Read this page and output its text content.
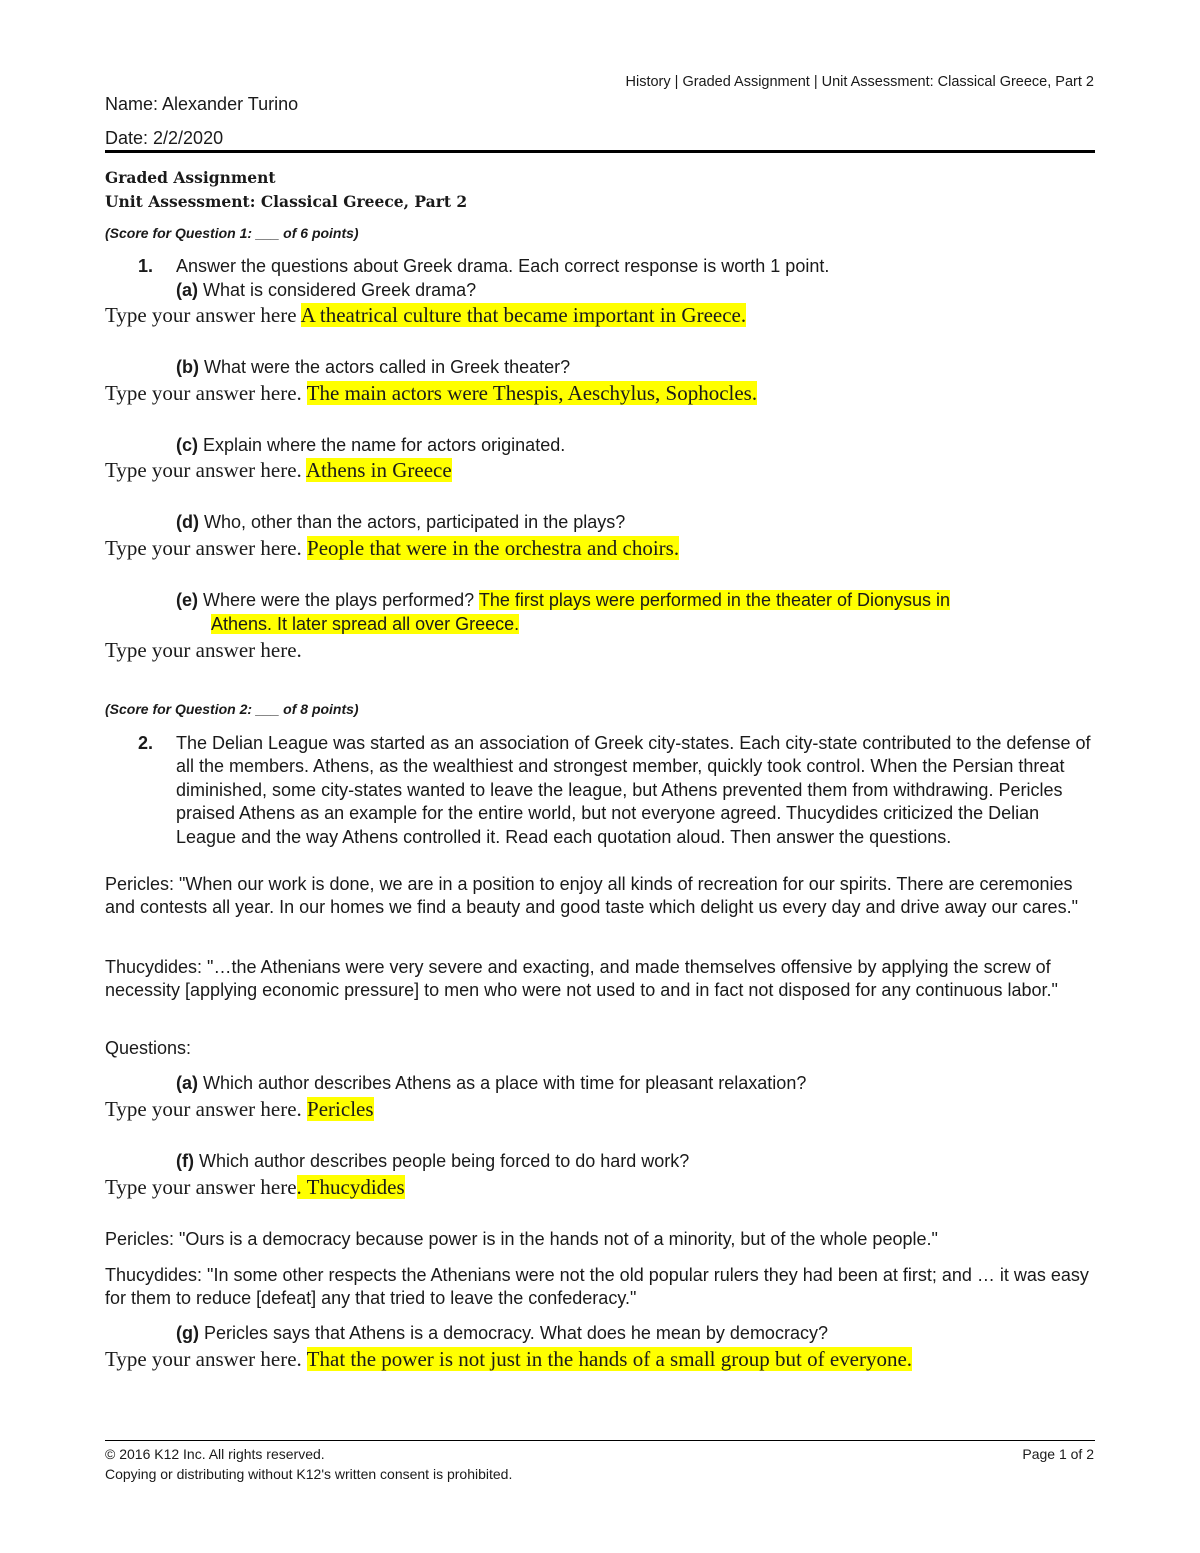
History | Graded Assignment | Unit Assessment: Classical Greece, Part 2
Name: Alexander Turino
Date: 2/2/2020
Graded Assignment
Unit Assessment: Classical Greece, Part 2
(Score for Question 1: ___ of 6 points)
1. Answer the questions about Greek drama. Each correct response is worth 1 point.
(a) What is considered Greek drama?
Type your answer here A theatrical culture that became important in Greece.
(b) What were the actors called in Greek theater?
Type your answer here. The main actors were Thespis, Aeschylus, Sophocles.
(c) Explain where the name for actors originated.
Type your answer here. Athens in Greece
(d) Who, other than the actors, participated in the plays?
Type your answer here. People that were in the orchestra and choirs.
(e) Where were the plays performed? The first plays were performed in the theater of Dionysus in
Athens. It later spread all over Greece.
Type your answer here.
(Score for Question 2: ___ of 8 points)
2. The Delian League was started as an association of Greek city-states. Each city-state contributed to the defense of all the members. Athens, as the wealthiest and strongest member, quickly took control. When the Persian threat diminished, some city-states wanted to leave the league, but Athens prevented them from withdrawing. Pericles praised Athens as an example for the entire world, but not everyone agreed. Thucydides criticized the Delian League and the way Athens controlled it. Read each quotation aloud. Then answer the questions.
Pericles: "When our work is done, we are in a position to enjoy all kinds of recreation for our spirits. There are ceremonies and contests all year. In our homes we find a beauty and good taste which delight us every day and drive away our cares."
Thucydides: "…the Athenians were very severe and exacting, and made themselves offensive by applying the screw of necessity [applying economic pressure] to men who were not used to and in fact not disposed for any continuous labor."
Questions:
(a) Which author describes Athens as a place with time for pleasant relaxation?
Type your answer here. Pericles
(f) Which author describes people being forced to do hard work?
Type your answer here. Thucydides
Pericles: "Ours is a democracy because power is in the hands not of a minority, but of the whole people."
Thucydides: "In some other respects the Athenians were not the old popular rulers they had been at first; and … it was easy for them to reduce [defeat] any that tried to leave the confederacy."
(g) Pericles says that Athens is a democracy. What does he mean by democracy?
Type your answer here. That the power is not just in the hands of a small group but of everyone.
© 2016 K12 Inc. All rights reserved.
Copying or distributing without K12's written consent is prohibited.
Page 1 of 2
